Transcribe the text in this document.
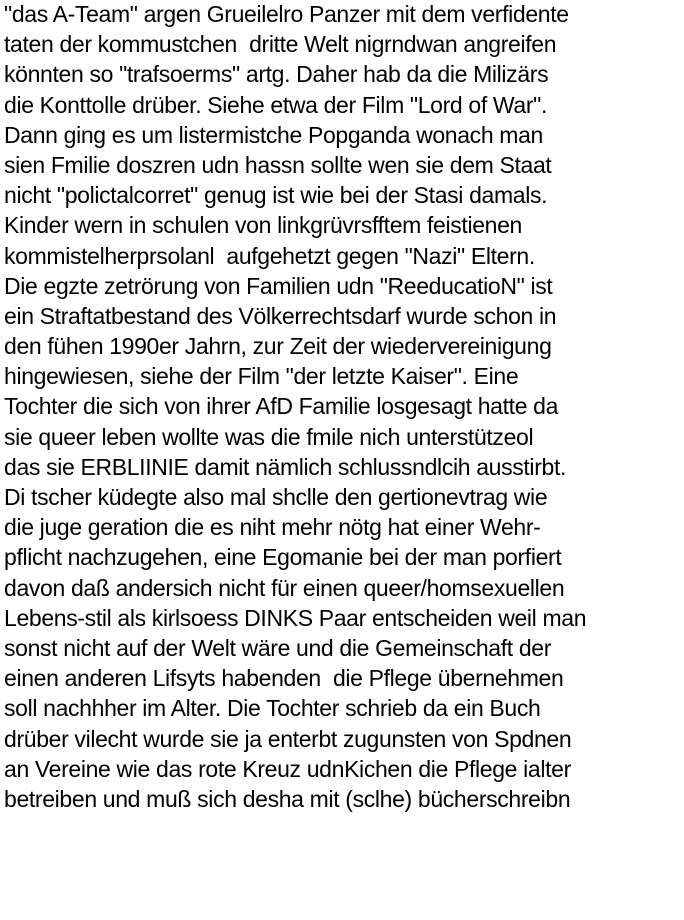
"das A-Team" argen Grueilelro Panzer mit dem verfidente
taten der kommustchen  dritte Welt nigrndwan angreifen
könnten so "trafsoerms" artg. Daher hab da die Milizärs
die Konttolle drüber. Siehe etwa der Film "Lord of War".
Dann ging es um listermistche Popganda wonach man
sien Fmilie doszren udn hassn sollte wen sie dem Staat
nicht "polictalcorret" genug ist wie bei der Stasi damals.
Kinder wern in schulen von linkgrüvrsfftem feistienen
kommistelherprsolanl  aufgehetzt gegen "Nazi" Eltern.
Die egzte zetrörung von Familien udn "ReeducatioN" ist
ein Straftatbestand des Völkerrechtsdarf wurde schon in
den fühen 1990er Jahrn, zur Zeit der wiedervereinigung
hingewiesen, siehe der Film "der letzte Kaiser". Eine
Tochter die sich von ihrer AfD Familie losgesagt hatte da
sie queer leben wollte was die fmile nich unterstützeol
das sie ERBLIINIE damit nämlich schlussndlcih ausstirbt.
Di tscher küdegte also mal shclle den gertionevtrag wie
die juge geration die es niht mehr nötg hat einer Wehr-
pflicht nachzugehen, eine Egomanie bei der man porfiert
davon daß andersich nicht für einen queer/homsexuellen
Lebens-stil als kirlsoess DINKS Paar entscheiden weil man
sonst nicht auf der Welt wäre und die Gemeinschaft der
einen anderen Lifsyts habenden  die Pflege übernehmen
soll nachhher im Alter. Die Tochter schrieb da ein Buch
drüber vilecht wurde sie ja enterbt zugunsten von Spdnen
an Vereine wie das rote Kreuz udnKichen die Pflege ialter
betreiben und muß sich desha mit (sclhe) bücherschreibn
